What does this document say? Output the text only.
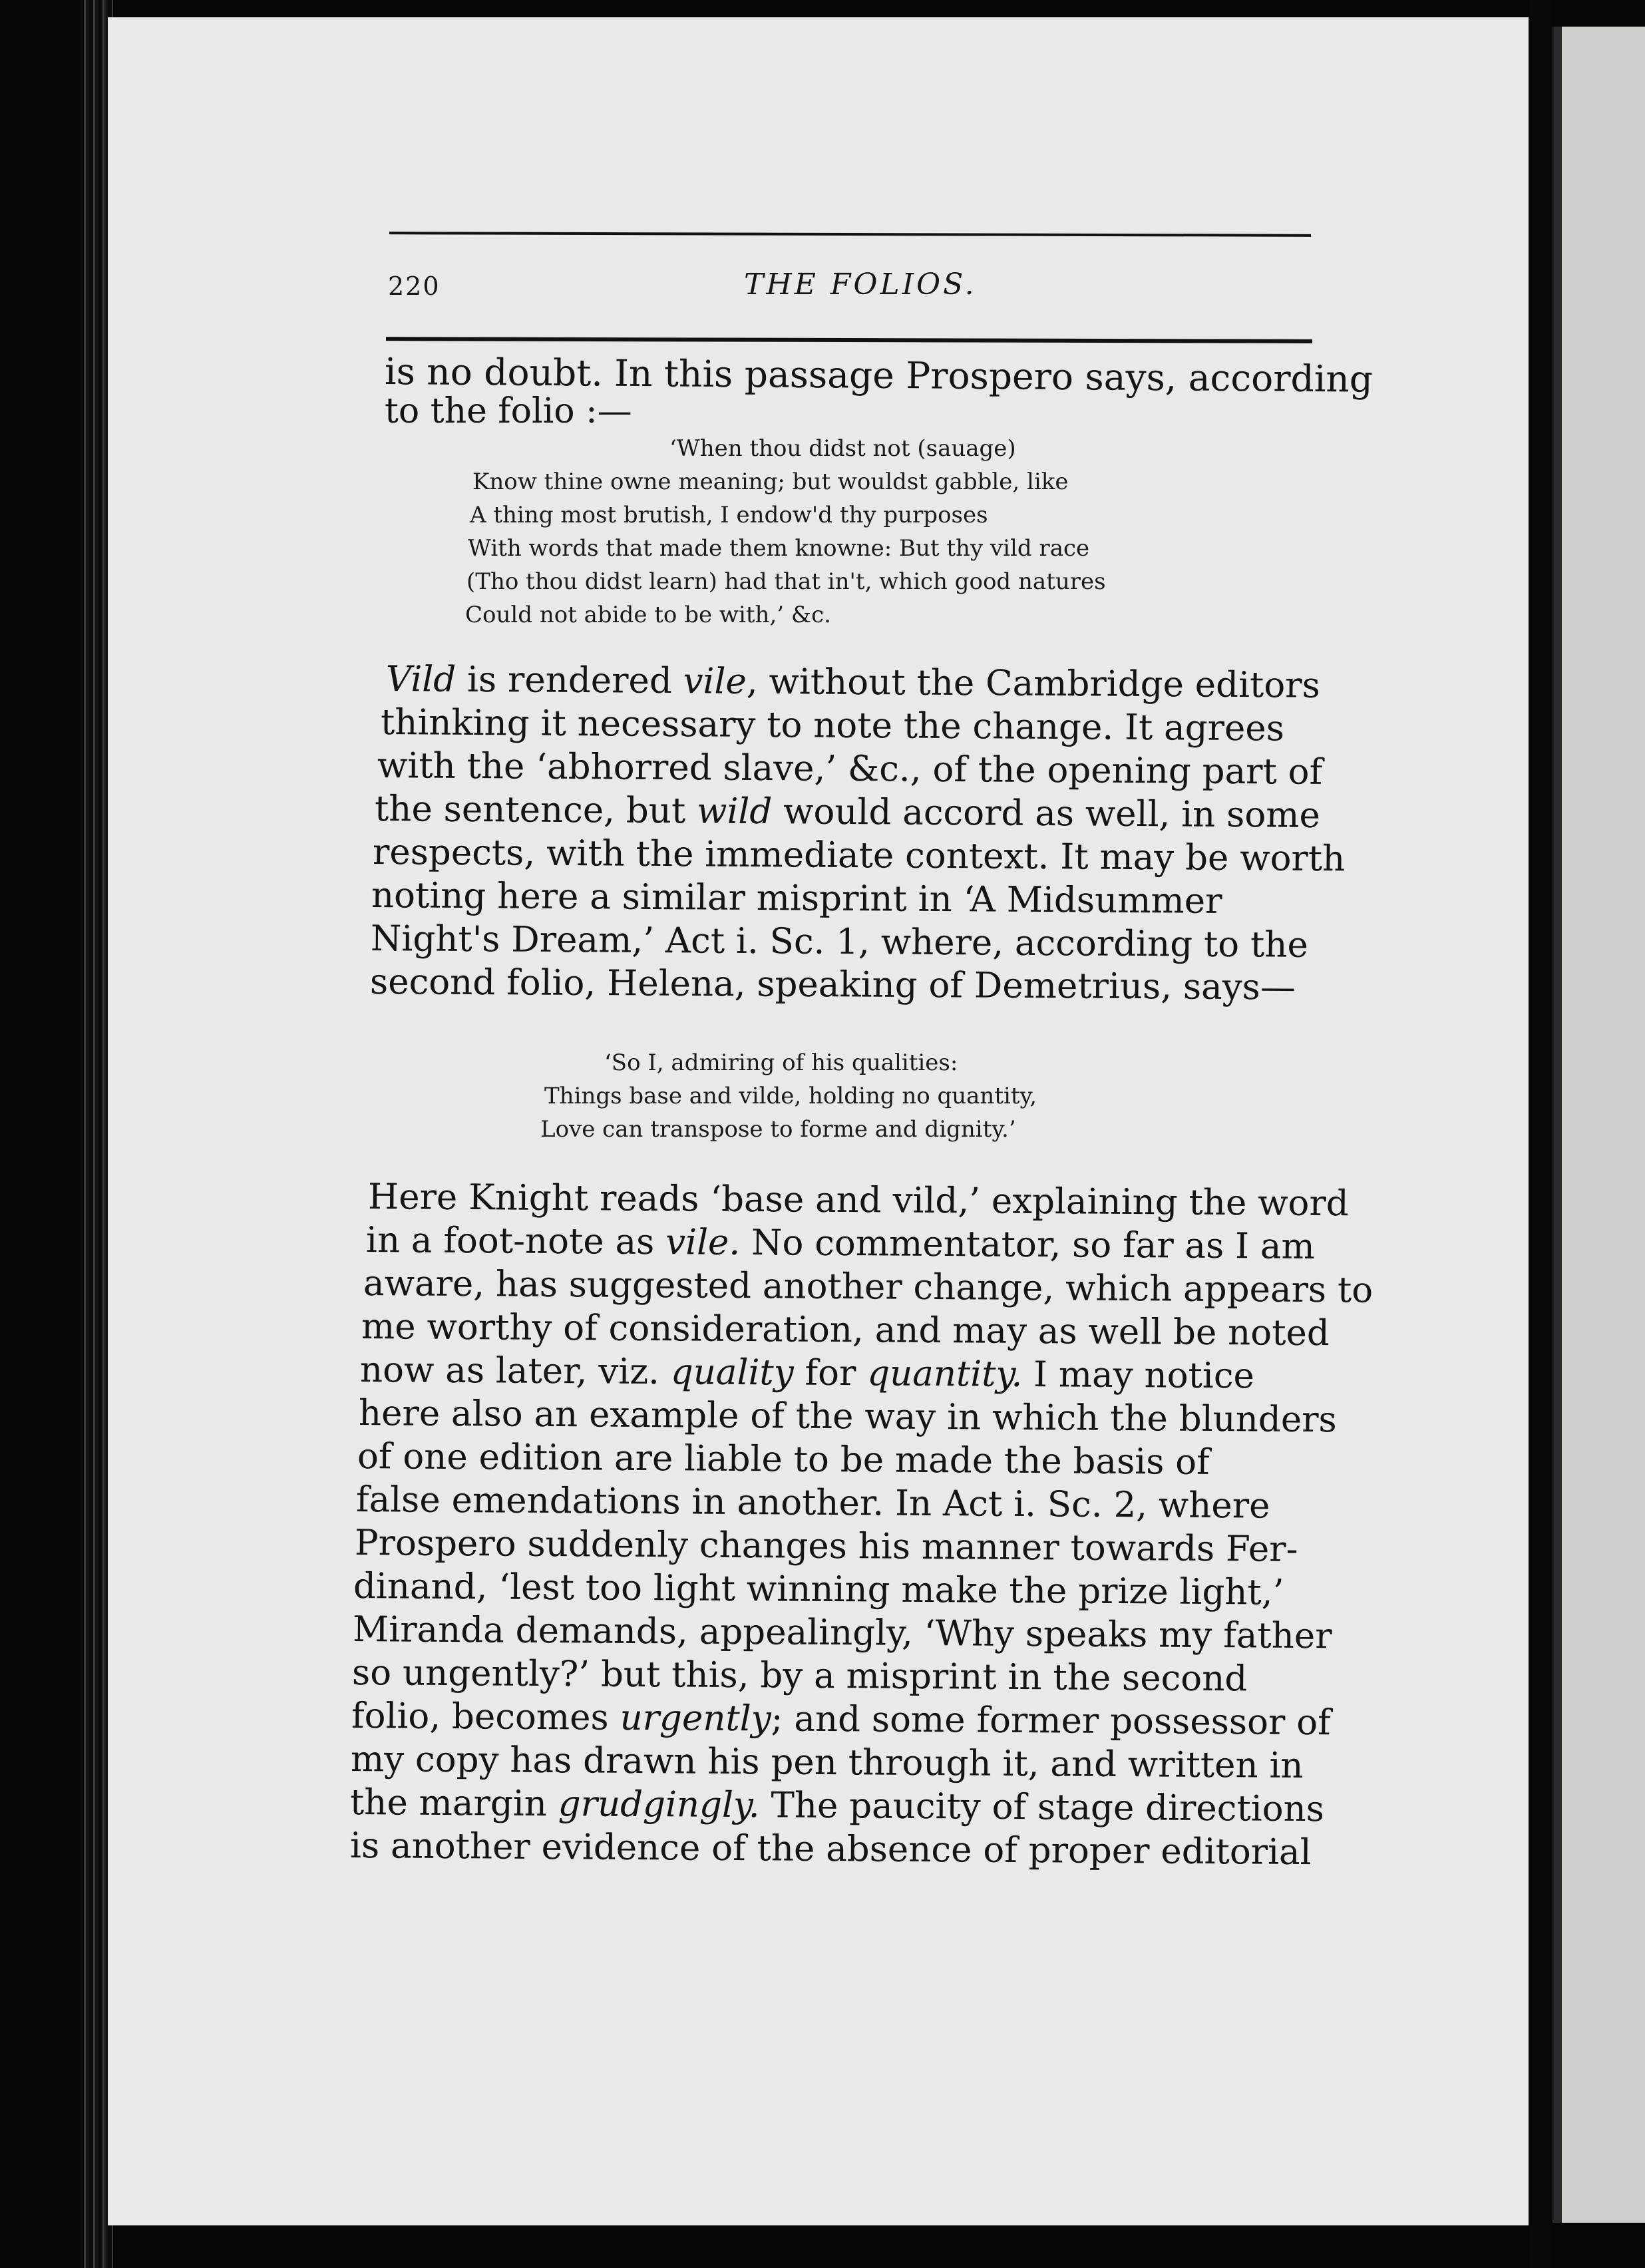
220	THE FOLIOS.
is no doubt. In this passage Prospero says, according
to the folio :—
‘When thou didst not (sauage)
Know thine owne meaning; but wouldst gabble, like
A thing most brutish, I endow'd thy purposes
With words that made them knowne: But thy vild race
(Tho thou didst learn) had that in't, which good natures
Could not abide to be with,’ &c.
Vild is rendered vile, without the Cambridge editors
thinking it necessary to note the change. It agrees
with the ‘abhorred slave,’ &c., of the opening part of
the sentence, but wild would accord as well, in some
respects, with the immediate context. It may be worth
noting here a similar misprint in ‘A Midsummer
Night's Dream,’ Act i. Sc. 1, where, according to the
second folio, Helena, speaking of Demetrius, says—
‘So I, admiring of his qualities:
Things base and vilde, holding no quantity,
Love can transpose to forme and dignity.’
Here Knight reads ‘base and vild,’ explaining the word
in a foot-note as vile. No commentator, so far as I am
aware, has suggested another change, which appears to
me worthy of consideration, and may as well be noted
now as later, viz. quality for quantity. I may notice
here also an example of the way in which the blunders
of one edition are liable to be made the basis of
false emendations in another. In Act i. Sc. 2, where
Prospero suddenly changes his manner towards Fer-
dinand, ‘lest too light winning make the prize light,’
Miranda demands, appealingly, ‘Why speaks my father
so ungently?’ but this, by a misprint in the second
folio, becomes urgently; and some former possessor of
my copy has drawn his pen through it, and written in
the margin grudgingly. The paucity of stage directions
is another evidence of the absence of proper editorial
